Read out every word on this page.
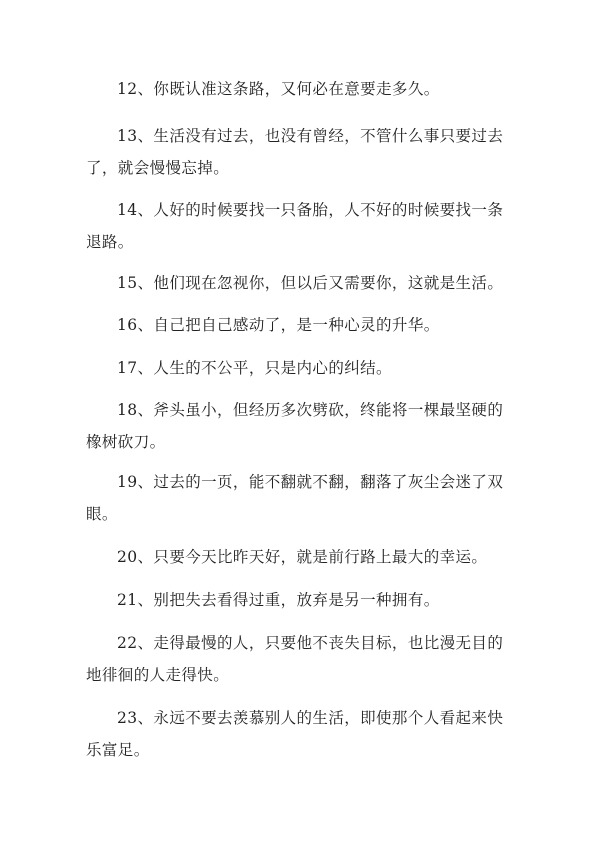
12、你既认准这条路，又何必在意要走多久。

13、生活没有过去，也没有曾经，不管什么事只要过去了，就会慢慢忘掉。

14、人好的时候要找一只备胎，人不好的时候要找一条退路。

15、他们现在忽视你，但以后又需要你，这就是生活。

16、自己把自己感动了，是一种心灵的升华。

17、人生的不公平，只是内心的纠结。

18、斧头虽小，但经历多次劈砍，终能将一棵最坚硬的橡树砍刀。

19、过去的一页，能不翻就不翻，翻落了灰尘会迷了双眼。

20、只要今天比昨天好，就是前行路上最大的幸运。

21、别把失去看得过重，放弃是另一种拥有。

22、走得最慢的人，只要他不丧失目标，也比漫无目的地徘徊的人走得快。

23、永远不要去羡慕别人的生活，即使那个人看起来快乐富足。
